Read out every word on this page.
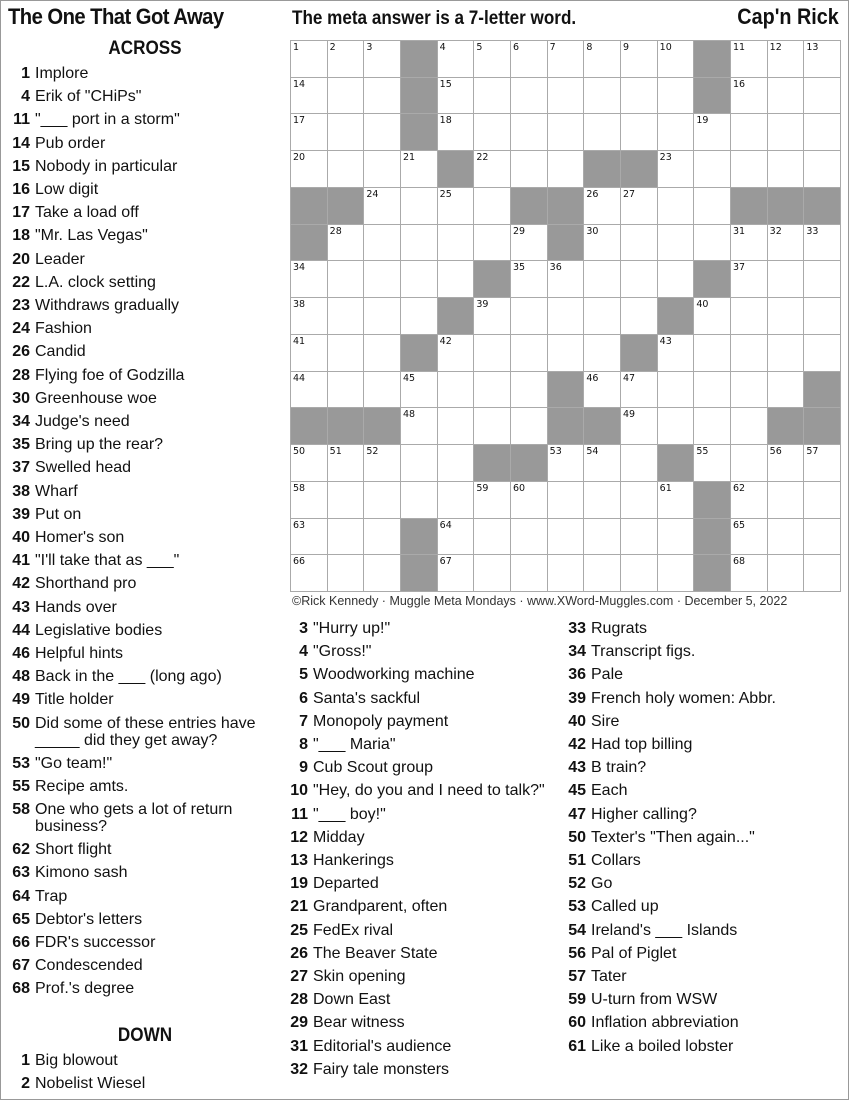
The One That Got Away	The meta answer is a 7-letter word.	Cap'n Rick
ACROSS
1 Implore
4 Erik of "CHiPs"
11 "___ port in a storm"
14 Pub order
15 Nobody in particular
16 Low digit
17 Take a load off
18 "Mr. Las Vegas"
20 Leader
22 L.A. clock setting
23 Withdraws gradually
24 Fashion
26 Candid
28 Flying foe of Godzilla
30 Greenhouse woe
34 Judge's need
35 Bring up the rear?
37 Swelled head
38 Wharf
39 Put on
40 Homer's son
41 "I'll take that as ___"
42 Shorthand pro
43 Hands over
44 Legislative bodies
46 Helpful hints
48 Back in the ___ (long ago)
49 Title holder
50 Did some of these entries have _____ did they get away?
53 "Go team!"
55 Recipe amts.
58 One who gets a lot of return business?
62 Short flight
63 Kimono sash
64 Trap
65 Debtor's letters
66 FDR's successor
67 Condescended
68 Prof.'s degree
DOWN
1 Big blowout
2 Nobelist Wiesel
3 "Hurry up!"
4 "Gross!"
5 Woodworking machine
6 Santa's sackful
7 Monopoly payment
8 "___ Maria"
9 Cub Scout group
10 "Hey, do you and I need to talk?"
11 "___ boy!"
12 Midday
13 Hankerings
19 Departed
21 Grandparent, often
25 FedEx rival
26 The Beaver State
27 Skin opening
28 Down East
29 Bear witness
31 Editorial's audience
32 Fairy tale monsters
33 Rugrats
34 Transcript figs.
36 Pale
39 French holy women: Abbr.
40 Sire
42 Had top billing
43 B train?
45 Each
47 Higher calling?
50 Texter's "Then again..."
51 Collars
52 Go
53 Called up
54 Ireland's ___ Islands
56 Pal of Piglet
57 Tater
59 U-turn from WSW
60 Inflation abbreviation
61 Like a boiled lobster
1	2	3	4	5	6	7	8	9	10	11	12	13
14	15	16
17	18	19
20	21	22	23
24	25	26	27
28	29	30	31	32	33
34	35	36	37
38	39	40
41	42	43
44	45	46	47
48	49
50	51	52	53	54	55	56	57
58	59	60	61	62
63	64	65
66	67	68
©Rick Kennedy · Muggle Meta Mondays · www.XWord-Muggles.com · December 5, 2022
